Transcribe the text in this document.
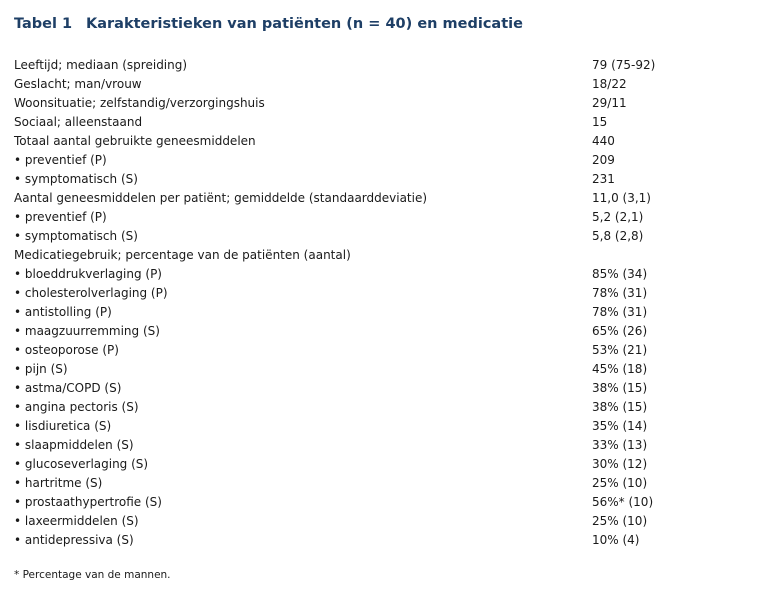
Tabel 1 Karakteristieken van patiënten (n = 40) en medicatie
Leeftijd; mediaan (spreiding)	79 (75-92)
Geslacht; man/vrouw	18/22
Woonsituatie; zelfstandig/verzorgingshuis	29/11
Sociaal; alleenstaand	15
Totaal aantal gebruikte geneesmiddelen	440
• preventief (P)	209
• symptomatisch (S)	231
Aantal geneesmiddelen per patiënt; gemiddelde (standaarddeviatie)	11,0 (3,1)
• preventief (P)	5,2 (2,1)
• symptomatisch (S)	5,8 (2,8)
Medicatiegebruik; percentage van de patiënten (aantal)
• bloeddrukverlaging (P)	85% (34)
• cholesterolverlaging (P)	78% (31)
• antistolling (P)	78% (31)
• maagzuurremming (S)	65% (26)
• osteoporose (P)	53% (21)
• pijn (S)	45% (18)
• astma/COPD (S)	38% (15)
• angina pectoris (S)	38% (15)
• lisdiuretica (S)	35% (14)
• slaapmiddelen (S)	33% (13)
• glucoseverlaging (S)	30% (12)
• hartritme (S)	25% (10)
• prostaathypertrofie (S)	56%* (10)
• laxeermiddelen (S)	25% (10)
• antidepressiva (S)	10% (4)
* Percentage van de mannen.
